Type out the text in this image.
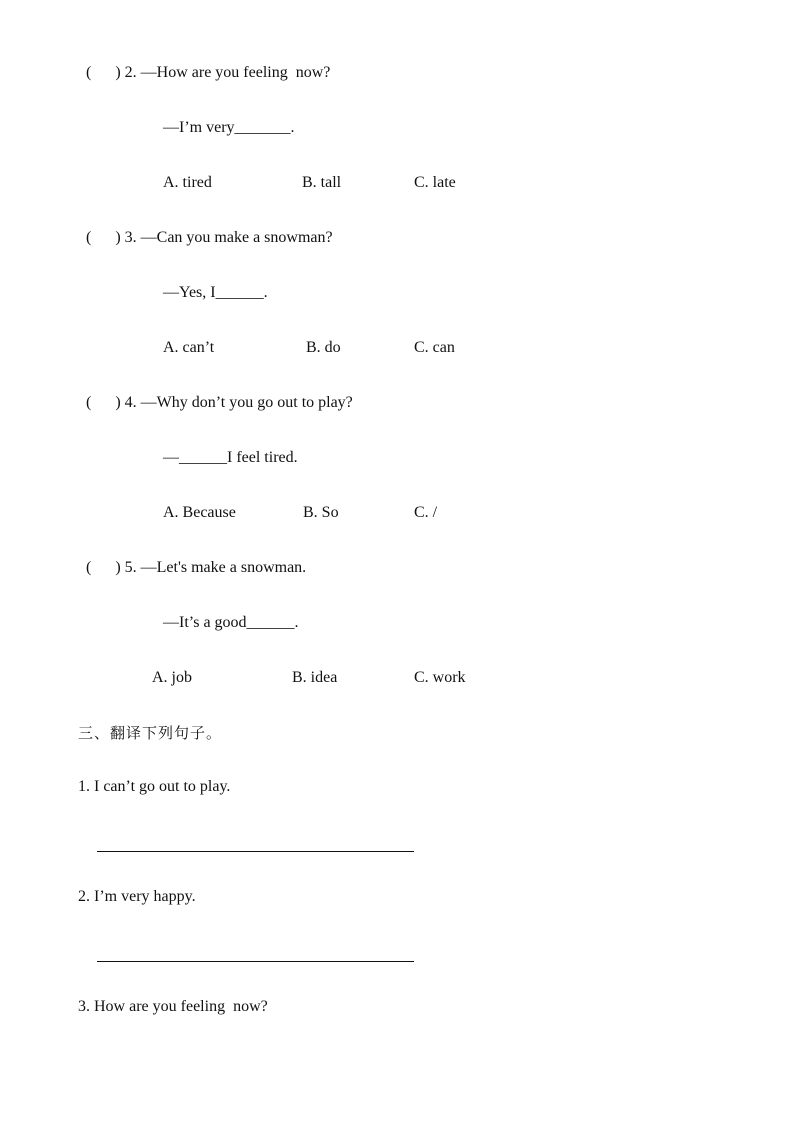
(      ) 2. —How are you feeling  now?
—I’m very_______.
A. tired	B. tall	C. late
(      ) 3. —Can you make a snowman?
—Yes, I______.
A. can’t	B. do	C. can
(      ) 4. —Why don’t you go out to play?
—______I feel tired.
A. Because	B. So	C. /
(      ) 5. —Let's make a snowman.
—It’s a good______.
A. job	B. idea	C. work
三、翻译下列句子。
1. I can’t go out to play.
2. I’m very happy.
3. How are you feeling  now?
